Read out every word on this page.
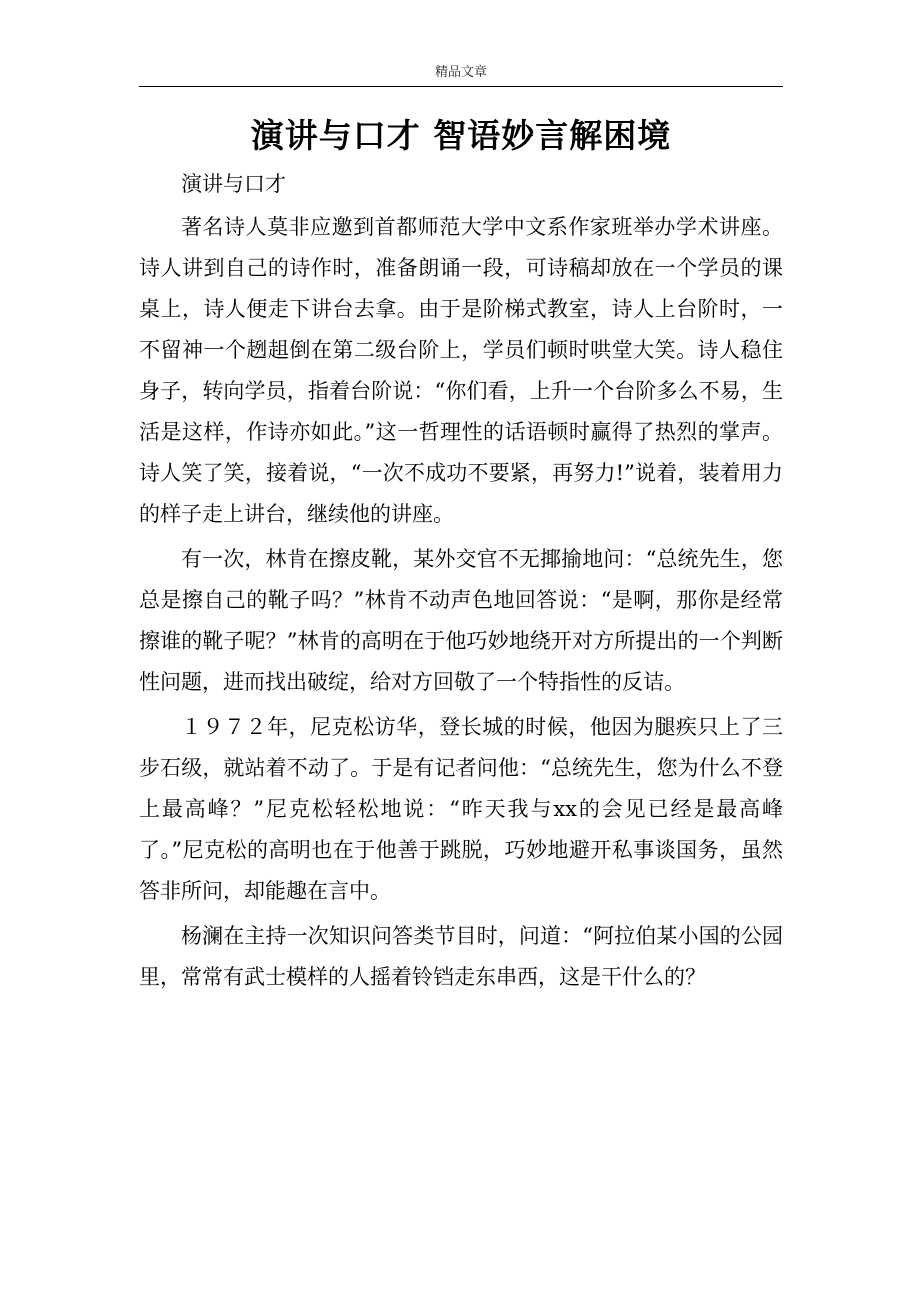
精品文章
演讲与口才 智语妙言解困境

演讲与口才

著名诗人莫非应邀到首都师范大学中文系作家班举办学术讲座。诗人讲到自己的诗作时，准备朗诵一段，可诗稿却放在一个学员的课桌上，诗人便走下讲台去拿。由于是阶梯式教室，诗人上台阶时，一不留神一个趔趄倒在第二级台阶上，学员们顿时哄堂大笑。诗人稳住身子，转向学员，指着台阶说：“你们看，上升一个台阶多么不易，生活是这样，作诗亦如此。”这一哲理性的话语顿时赢得了热烈的掌声。诗人笑了笑，接着说，“一次不成功不要紧，再努力!”说着，装着用力的样子走上讲台，继续他的讲座。

有一次，林肯在擦皮靴，某外交官不无揶揄地问：“总统先生，您总是擦自己的靴子吗？”林肯不动声色地回答说：“是啊，那你是经常擦谁的靴子呢？”林肯的高明在于他巧妙地绕开对方所提出的一个判断性问题，进而找出破绽，给对方回敬了一个特指性的反诘。

１９７２年，尼克松访华，登长城的时候，他因为腿疾只上了三步石级，就站着不动了。于是有记者问他：“总统先生，您为什么不登上最高峰？”尼克松轻松地说：“昨天我与xx的会见已经是最高峰了。”尼克松的高明也在于他善于跳脱，巧妙地避开私事谈国务，虽然答非所问，却能趣在言中。

杨澜在主持一次知识问答类节目时，问道：“阿拉伯某小国的公园里，常常有武士模样的人摇着铃铛走东串西，这是干什么的？
